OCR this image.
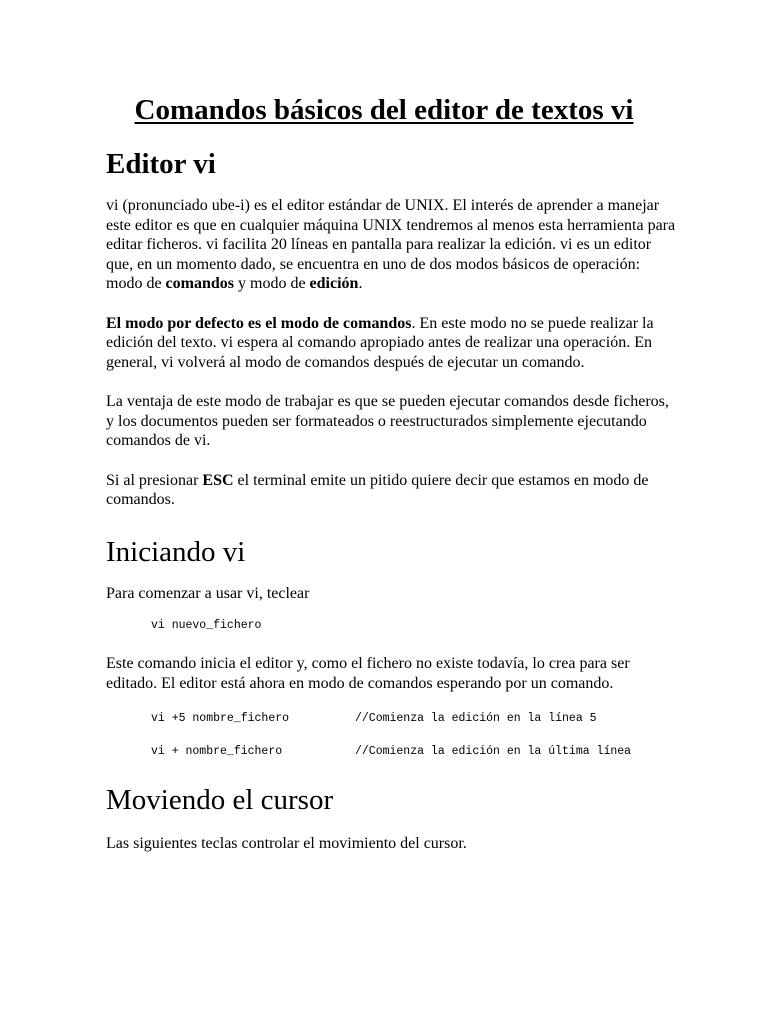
Comandos básicos del editor de textos vi
Editor vi

vi (pronunciado ube-i) es el editor estándar de UNIX. El interés de aprender a manejar este editor es que en cualquier máquina UNIX tendremos al menos esta herramienta para editar ficheros. vi facilita 20 líneas en pantalla para realizar la edición. vi es un editor que, en un momento dado, se encuentra en uno de dos modos básicos de operación: modo de comandos y modo de edición.

El modo por defecto es el modo de comandos. En este modo no se puede realizar la edición del texto. vi espera al comando apropiado antes de realizar una operación. En general, vi volverá al modo de comandos después de ejecutar un comando.

La ventaja de este modo de trabajar es que se pueden ejecutar comandos desde ficheros, y los documentos pueden ser formateados o reestructurados simplemente ejecutando comandos de vi.

Si al presionar ESC el terminal emite un pitido quiere decir que estamos en modo de comandos.

Iniciando vi

Para comenzar a usar vi, teclear

vi nuevo_fichero

Este comando inicia el editor y, como el fichero no existe todavía, lo crea para ser editado. El editor está ahora en modo de comandos esperando por un comando.

vi +5 nombre_fichero	//Comienza la edición en la línea 5
vi + nombre_fichero	//Comienza la edición en la última línea
Moviendo el cursor

Las siguientes teclas controlar el movimiento del cursor.
